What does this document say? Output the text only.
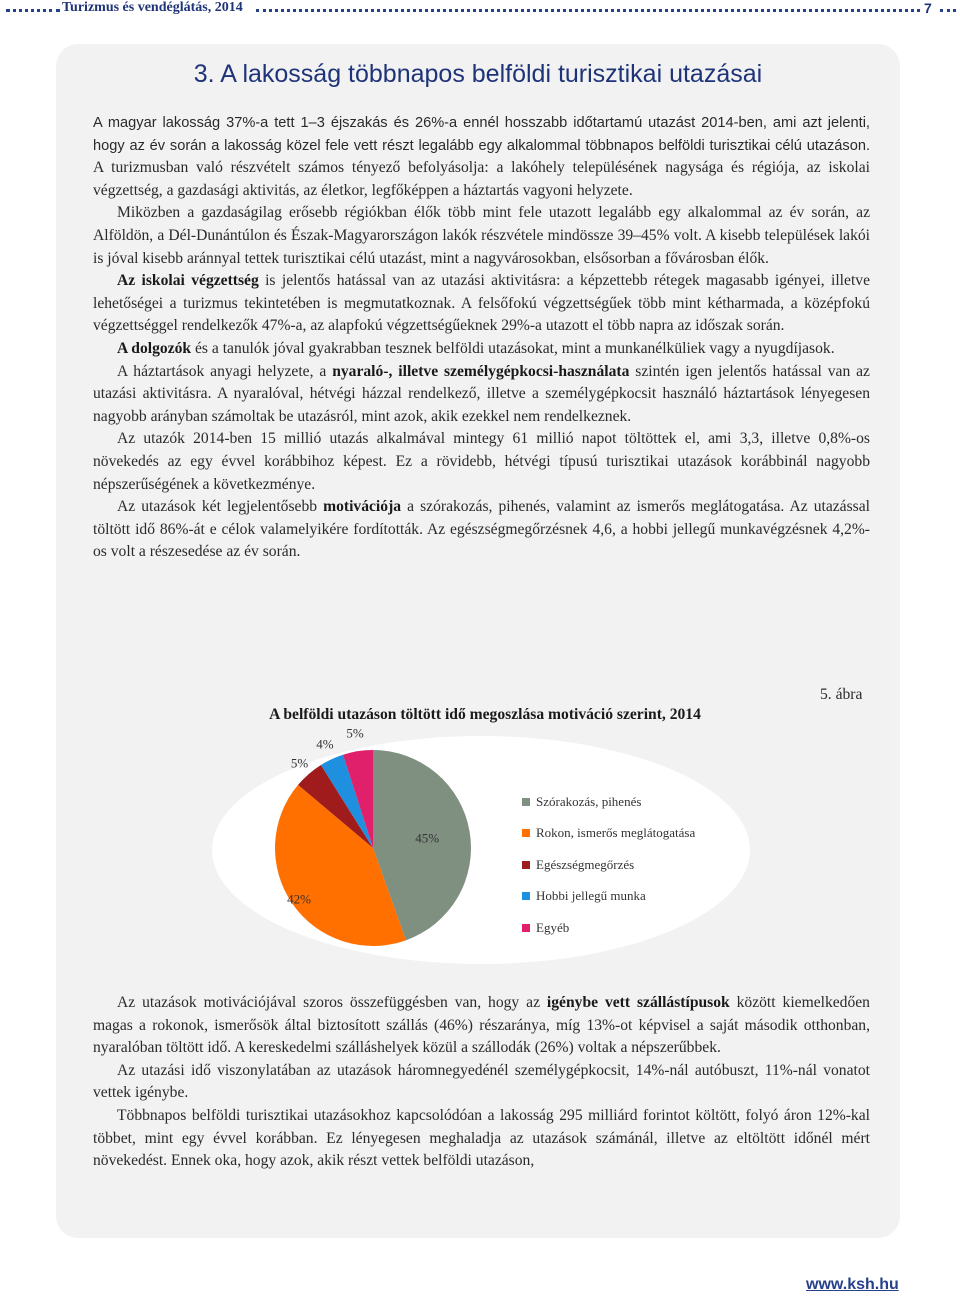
Turizmus és vendéglátás, 2014	7
3. A lakosság többnapos belföldi turisztikai utazásai

A magyar lakosság 37%-a tett 1–3 éjszakás és 26%-a ennél hosszabb időtartamú utazást 2014-ben, ami azt jelenti, hogy az év során a lakosság közel fele vett részt legalább egy alkalommal többnapos belföldi turisztikai célú utazáson. A turizmusban való részvételt számos tényező befolyásolja: a lakóhely településének nagysága és régiója, az iskolai végzettség, a gazdasági aktivitás, az életkor, legfőképpen a háztartás vagyoni helyzete.

Miközben a gazdaságilag erősebb régiókban élők több mint fele utazott legalább egy alkalommal az év során, az Alföldön, a Dél-Dunántúlon és Észak-Magyarországon lakók részvétele mindössze 39–45% volt. A kisebb települések lakói is jóval kisebb aránnyal tettek turisztikai célú utazást, mint a nagyvárosokban, elsősorban a fővárosban élők.

Az iskolai végzettség is jelentős hatással van az utazási aktivitásra: a képzettebb rétegek magasabb igényei, illetve lehetőségei a turizmus tekintetében is megmutatkoznak. A felsőfokú végzettségűek több mint kétharmada, a középfokú végzettséggel rendelkezők 47%-a, az alapfokú végzettségűeknek 29%-a utazott el több napra az időszak során.

A dolgozók és a tanulók jóval gyakrabban tesznek belföldi utazásokat, mint a munkanélküliek vagy a nyugdíjasok.

A háztartások anyagi helyzete, a nyaraló-, illetve személygépkocsi-használata szintén igen jelentős hatással van az utazási aktivitásra. A nyaralóval, hétvégi házzal rendelkező, illetve a személygépkocsit használó háztartások lényegesen nagyobb arányban számoltak be utazásról, mint azok, akik ezekkel nem rendelkeznek.

Az utazók 2014-ben 15 millió utazás alkalmával mintegy 61 millió napot töltöttek el, ami 3,3, illetve 0,8%-os növekedés az egy évvel korábbihoz képest. Ez a rövidebb, hétvégi típusú turisztikai utazások korábbinál nagyobb népszerűségének a következménye.

Az utazások két legjelentősebb motivációja a szórakozás, pihenés, valamint az ismerős meglátogatása. Az utazással töltött idő 86%-át e célok valamelyikére fordították. Az egészségmegőrzésnek 4,6, a hobbi jellegű munkavégzésnek 4,2%-os volt a részesedése az év során.

5. ábra
A belföldi utazáson töltött idő megoszlása motiváció szerint, 2014
45%
42%
5%
4%
5%
Szórakozás, pihenés
Rokon, ismerős meglátogatása
Egészségmegőrzés
Hobbi jellegű munka
Egyéb

Az utazások motivációjával szoros összefüggésben van, hogy az igénybe vett szállástípusok között kiemelkedően magas a rokonok, ismerősök által biztosított szállás (46%) részaránya, míg 13%-ot képvisel a saját második otthonban, nyaralóban töltött idő. A kereskedelmi szálláshelyek közül a szállodák (26%) voltak a népszerűbbek.

Az utazási idő viszonylatában az utazások háromnegyedénél személygépkocsit, 14%-nál autóbuszt, 11%-nál vonatot vettek igénybe.

Többnapos belföldi turisztikai utazásokhoz kapcsolódóan a lakosság 295 milliárd forintot költött, folyó áron 12%-kal többet, mint egy évvel korábban. Ez lényegesen meghaladja az utazások számánál, illetve az eltöltött időnél mért növekedést. Ennek oka, hogy azok, akik részt vettek belföldi utazáson,

www.ksh.hu
